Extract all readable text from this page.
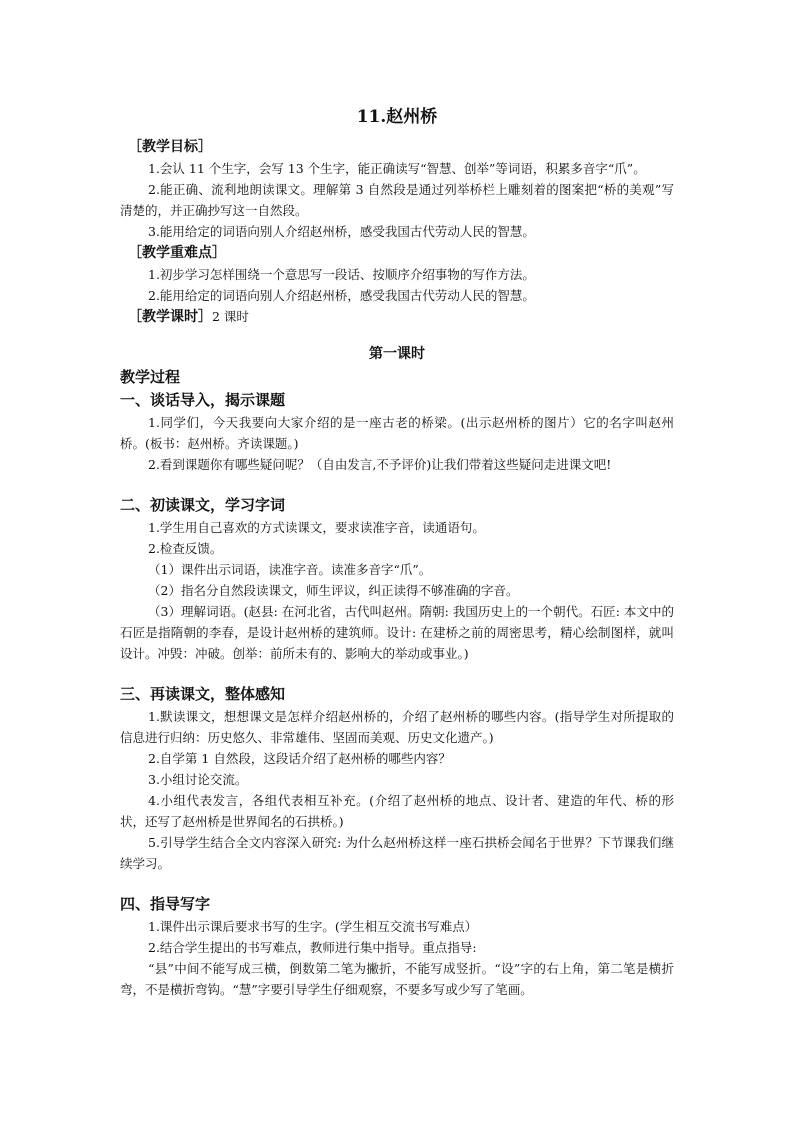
11.赵州桥
［教学目标］

1.会认 11 个生字，会写 13 个生字，能正确读写“智慧、创举”等词语，积累多音字“爪”。

2.能正确、流利地朗读课文。理解第 3 自然段是通过列举桥栏上雕刻着的图案把“桥的美观”写清楚的，并正确抄写这一自然段。

3.能用给定的词语向别人介绍赵州桥，感受我国古代劳动人民的智慧。

［教学重难点］

1.初步学习怎样围绕一个意思写一段话、按顺序介绍事物的写作方法。

2.能用给定的词语向别人介绍赵州桥，感受我国古代劳动人民的智慧。

［教学课时］2 课时
第一课时
教学过程
一、谈话导入，揭示课题

1.同学们，今天我要向大家介绍的是一座古老的桥梁。(出示赵州桥的图片）它的名字叫赵州桥。(板书：赵州桥。齐读课题。)

2.看到课题你有哪些疑问呢？（自由发言,不予评价)让我们带着这些疑问走进课文吧!

二、初读课文，学习字词

1.学生用自己喜欢的方式读课文，要求读准字音，读通语句。

2.检查反馈。

（1）课件出示词语，读准字音。读准多音字“爪”。

（2）指名分自然段读课文，师生评议，纠正读得不够准确的字音。

（3）理解词语。(赵县: 在河北省，古代叫赵州。隋朝: 我国历史上的一个朝代。石匠: 本文中的石匠是指隋朝的李春，是设计赵州桥的建筑师。设计: 在建桥之前的周密思考，精心绘制图样，就叫设计。冲毁：冲破。创举：前所未有的、影响大的举动或事业。)

三、再读课文，整体感知

1.默读课文，想想课文是怎样介绍赵州桥的，介绍了赵州桥的哪些内容。(指导学生对所提取的信息进行归纳：历史悠久、非常雄伟、坚固而美观、历史文化遗产。)

2.自学第 1 自然段，这段话介绍了赵州桥的哪些内容？

3.小组讨论交流。

4.小组代表发言，各组代表相互补充。(介绍了赵州桥的地点、设计者、建造的年代、桥的形状，还写了赵州桥是世界闻名的石拱桥。)

5.引导学生结合全文内容深入研究: 为什么赵州桥这样一座石拱桥会闻名于世界？下节课我们继续学习。

四、指导写字

1.课件出示课后要求书写的生字。(学生相互交流书写难点）

2.结合学生提出的书写难点，教师进行集中指导。重点指导:

“县”中间不能写成三横，倒数第二笔为撇折，不能写成竖折。“设”字的右上角，第二笔是横折弯，不是横折弯钩。“慧”字要引导学生仔细观察，不要多写或少写了笔画。
